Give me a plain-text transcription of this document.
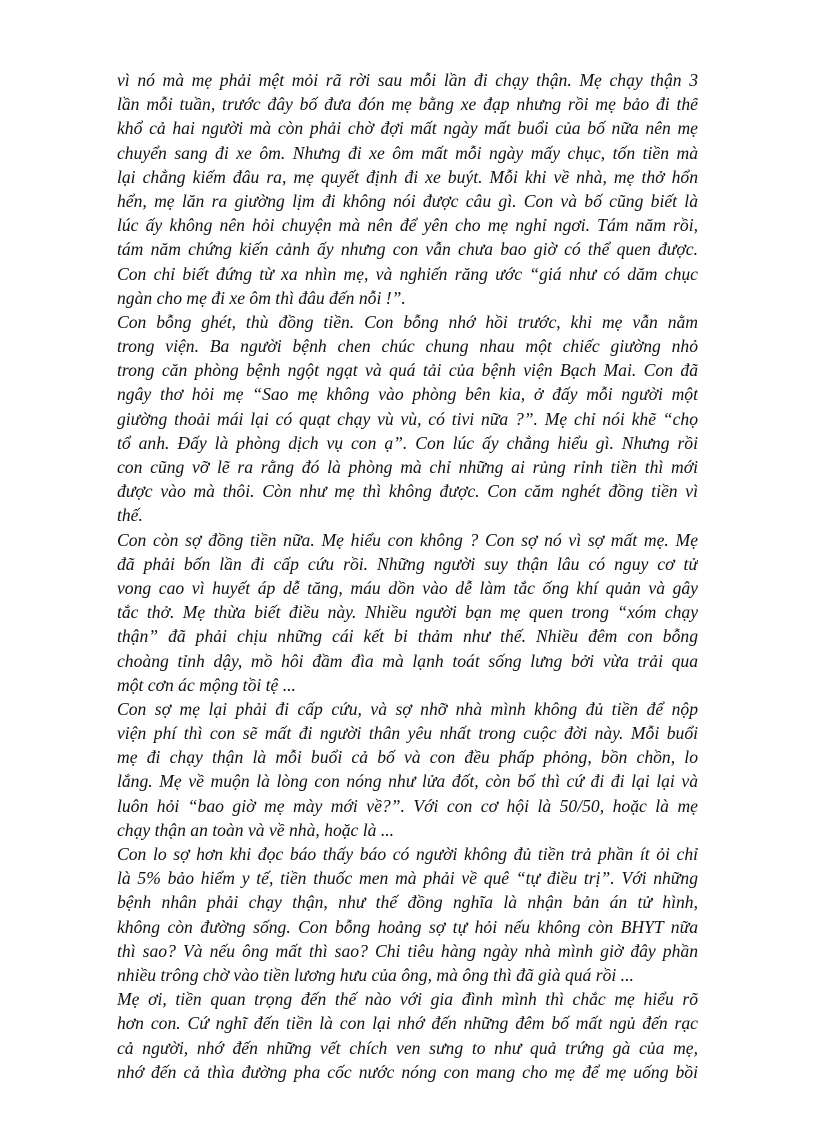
vì nó mà mẹ phải mệt mỏi rã rời sau mỗi lần đi chạy thận. Mẹ chạy thận 3
lần mỗi tuần, trước đây bố đưa đón mẹ bằng xe đạp nhưng rồi mẹ bảo đi thế
khổ cả hai người mà còn phải chờ đợi mất ngày mất buổi của bố nữa nên mẹ
chuyển sang đi xe ôm. Nhưng đi xe ôm mất mỗi ngày mấy chục, tốn tiền mà
lại chẳng kiếm đâu ra, mẹ quyết định đi xe buýt. Mỗi khi về nhà, mẹ thở hổn
hển, mẹ lăn ra giường lịm đi không nói được câu gì. Con và bố cũng biết là
lúc ấy không nên hỏi chuyện mà nên để yên cho mẹ nghỉ ngơi. Tám năm rồi,
tám năm chứng kiến cảnh ấy nhưng con vẫn chưa bao giờ có thể quen được.
Con chỉ biết đứng từ xa nhìn mẹ, và nghiến răng ước “giá như có dăm chục
ngàn cho mẹ đi xe ôm thì đâu đến nỗi !”.
Con bỗng ghét, thù đồng tiền. Con bỗng nhớ hồi trước, khi mẹ vẫn nằm
trong viện. Ba người bệnh chen chúc chung nhau một chiếc giường nhỏ
trong căn phòng bệnh ngột ngạt và quá tải của bệnh viện Bạch Mai. Con đã
ngây thơ hỏi mẹ “Sao mẹ không vào phòng bên kia, ở đấy mỗi người một
giường thoải mái lại có quạt chạy vù vù, có tivi nữa ?”. Mẹ chỉ nói khẽ “chọ
tổ anh. Đấy là phòng dịch vụ con ạ”. Con lúc ấy chẳng hiểu gì. Nhưng rồi
con cũng vỡ lẽ ra rằng đó là phòng mà chỉ những ai rủng rỉnh tiền thì mới
được vào mà thôi. Còn như mẹ thì không được. Con căm nghét đồng tiền vì
thế.
Con còn sợ đồng tiền nữa. Mẹ hiểu con không ? Con sợ nó vì sợ mất mẹ. Mẹ
đã phải bốn lần đi cấp cứu rồi. Những người suy thận lâu có nguy cơ tử
vong cao vì huyết áp dễ tăng, máu dồn vào dễ làm tắc ống khí quản và gây
tắc thở. Mẹ thừa biết điều này. Nhiều người bạn mẹ quen trong “xóm chạy
thận” đã phải chịu những cái kết bi thảm như thế. Nhiều đêm con bỗng
choàng tỉnh dậy, mồ hôi đầm đìa mà lạnh toát sống lưng bởi vừa trải qua
một cơn ác mộng tồi tệ ...
Con sợ mẹ lại phải đi cấp cứu, và sợ nhỡ nhà mình không đủ tiền để nộp
viện phí thì con sẽ mất đi người thân yêu nhất trong cuộc đời này. Mỗi buổi
mẹ đi chạy thận là mỗi buổi cả bố và con đều phấp phỏng, bồn chồn, lo
lắng. Mẹ về muộn là lòng con nóng như lửa đốt, còn bố thì cứ đi đi lại lại và
luôn hỏi “bao giờ mẹ mày mới về?”. Với con cơ hội là 50/50, hoặc là mẹ
chạy thận an toàn và về nhà, hoặc là ...
Con lo sợ hơn khi đọc báo thấy báo có người không đủ tiền trả phần ít ỏi chỉ
là 5% bảo hiểm y tế, tiền thuốc men mà phải về quê “tự điều trị”. Với những
bệnh nhân phải chạy thận, như thế đồng nghĩa là nhận bản án tử hình,
không còn đường sống. Con bỗng hoảng sợ tự hỏi nếu không còn BHYT nữa
thì sao? Và nếu ông mất thì sao? Chi tiêu hàng ngày nhà mình giờ đây phần
nhiều trông chờ vào tiền lương hưu của ông, mà ông thì đã già quá rồi ...
Mẹ ơi, tiền quan trọng đến thế nào với gia đình mình thì chắc mẹ hiểu rõ
hơn con. Cứ nghĩ đến tiền là con lại nhớ đến những đêm bố mất ngủ đến rạc
cả người, nhớ đến những vết chích ven sưng to như quả trứng gà của mẹ,
nhớ đến cả thìa đường pha cốc nước nóng con mang cho mẹ để mẹ uống bồi
